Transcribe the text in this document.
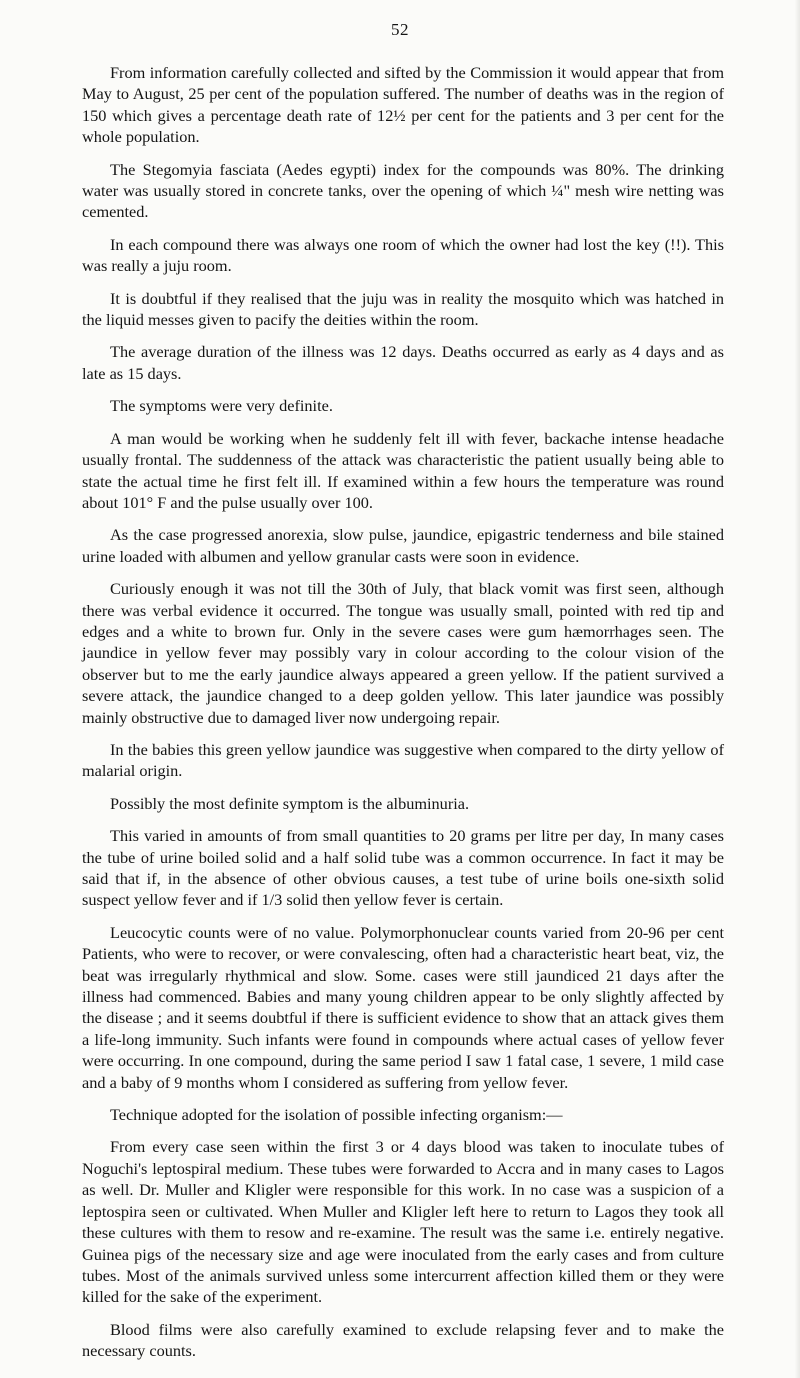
52

From information carefully collected and sifted by the Commission it would appear that from May to August, 25 per cent of the population suffered. The number of deaths was in the region of 150 which gives a percentage death rate of 12½ per cent for the patients and 3 per cent for the whole population.

The Stegomyia fasciata (Aedes egypti) index for the compounds was 80%. The drinking water was usually stored in concrete tanks, over the opening of which ¼" mesh wire netting was cemented.

In each compound there was always one room of which the owner had lost the key (!!). This was really a juju room.

It is doubtful if they realised that the juju was in reality the mosquito which was hatched in the liquid messes given to pacify the deities within the room.

The average duration of the illness was 12 days. Deaths occurred as early as 4 days and as late as 15 days.

The symptoms were very definite.

A man would be working when he suddenly felt ill with fever, backache intense headache usually frontal. The suddenness of the attack was characteristic the patient usually being able to state the actual time he first felt ill. If examined within a few hours the temperature was round about 101° F and the pulse usually over 100.

As the case progressed anorexia, slow pulse, jaundice, epigastric tenderness and bile stained urine loaded with albumen and yellow granular casts were soon in evidence.

Curiously enough it was not till the 30th of July, that black vomit was first seen, although there was verbal evidence it occurred. The tongue was usually small, pointed with red tip and edges and a white to brown fur. Only in the severe cases were gum hæmorrhages seen. The jaundice in yellow fever may possibly vary in colour according to the colour vision of the observer but to me the early jaundice always appeared a green yellow. If the patient survived a severe attack, the jaundice changed to a deep golden yellow. This later jaundice was possibly mainly obstructive due to damaged liver now undergoing repair.

In the babies this green yellow jaundice was suggestive when compared to the dirty yellow of malarial origin.

Possibly the most definite symptom is the albuminuria.

This varied in amounts of from small quantities to 20 grams per litre per day, In many cases the tube of urine boiled solid and a half solid tube was a common occurrence. In fact it may be said that if, in the absence of other obvious causes, a test tube of urine boils one-sixth solid suspect yellow fever and if 1/3 solid then yellow fever is certain.

Leucocytic counts were of no value. Polymorphonuclear counts varied from 20-96 per cent Patients, who were to recover, or were convalescing, often had a characteristic heart beat, viz, the beat was irregularly rhythmical and slow. Some. cases were still jaundiced 21 days after the illness had commenced. Babies and many young children appear to be only slightly affected by the disease ; and it seems doubtful if there is sufficient evidence to show that an attack gives them a life-long immunity. Such infants were found in compounds where actual cases of yellow fever were occurring. In one compound, during the same period I saw 1 fatal case, 1 severe, 1 mild case and a baby of 9 months whom I considered as suffering from yellow fever.

Technique adopted for the isolation of possible infecting organism:—

From every case seen within the first 3 or 4 days blood was taken to inoculate tubes of Noguchi's leptospiral medium. These tubes were forwarded to Accra and in many cases to Lagos as well. Dr. Muller and Kligler were responsible for this work. In no case was a suspicion of a leptospira seen or cultivated. When Muller and Kligler left here to return to Lagos they took all these cultures with them to resow and re-examine. The result was the same i.e. entirely negative. Guinea pigs of the necessary size and age were inoculated from the early cases and from culture tubes. Most of the animals survived unless some intercurrent affection killed them or they were killed for the sake of the experiment.

Blood films were also carefully examined to exclude relapsing fever and to make the necessary counts.
